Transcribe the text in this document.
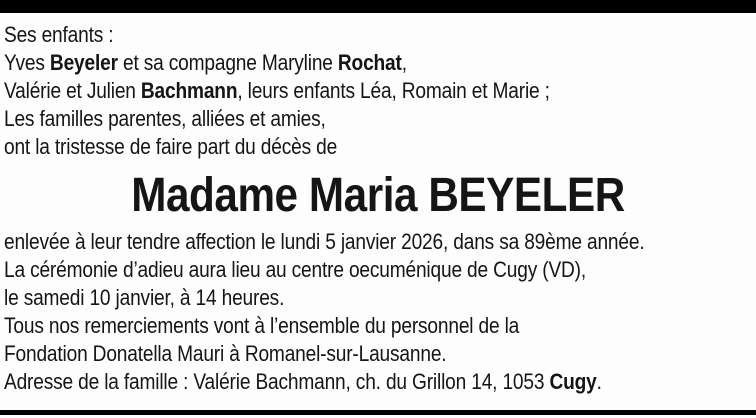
Ses enfants :

Yves Beyeler et sa compagne Maryline Rochat,

Valérie et Julien Bachmann, leurs enfants Léa, Romain et Marie ;

Les familles parentes, alliées et amies,

ont la tristesse de faire part du décès de

Madame Maria BEYELER

enlevée à leur tendre affection le lundi 5 janvier 2026, dans sa 89ème année.

La cérémonie d’adieu aura lieu au centre oecuménique de Cugy (VD),

le samedi 10 janvier, à 14 heures.

Tous nos remerciements vont à l’ensemble du personnel de la

Fondation Donatella Mauri à Romanel-sur-Lausanne.

Adresse de la famille : Valérie Bachmann, ch. du Grillon 14, 1053 Cugy.
